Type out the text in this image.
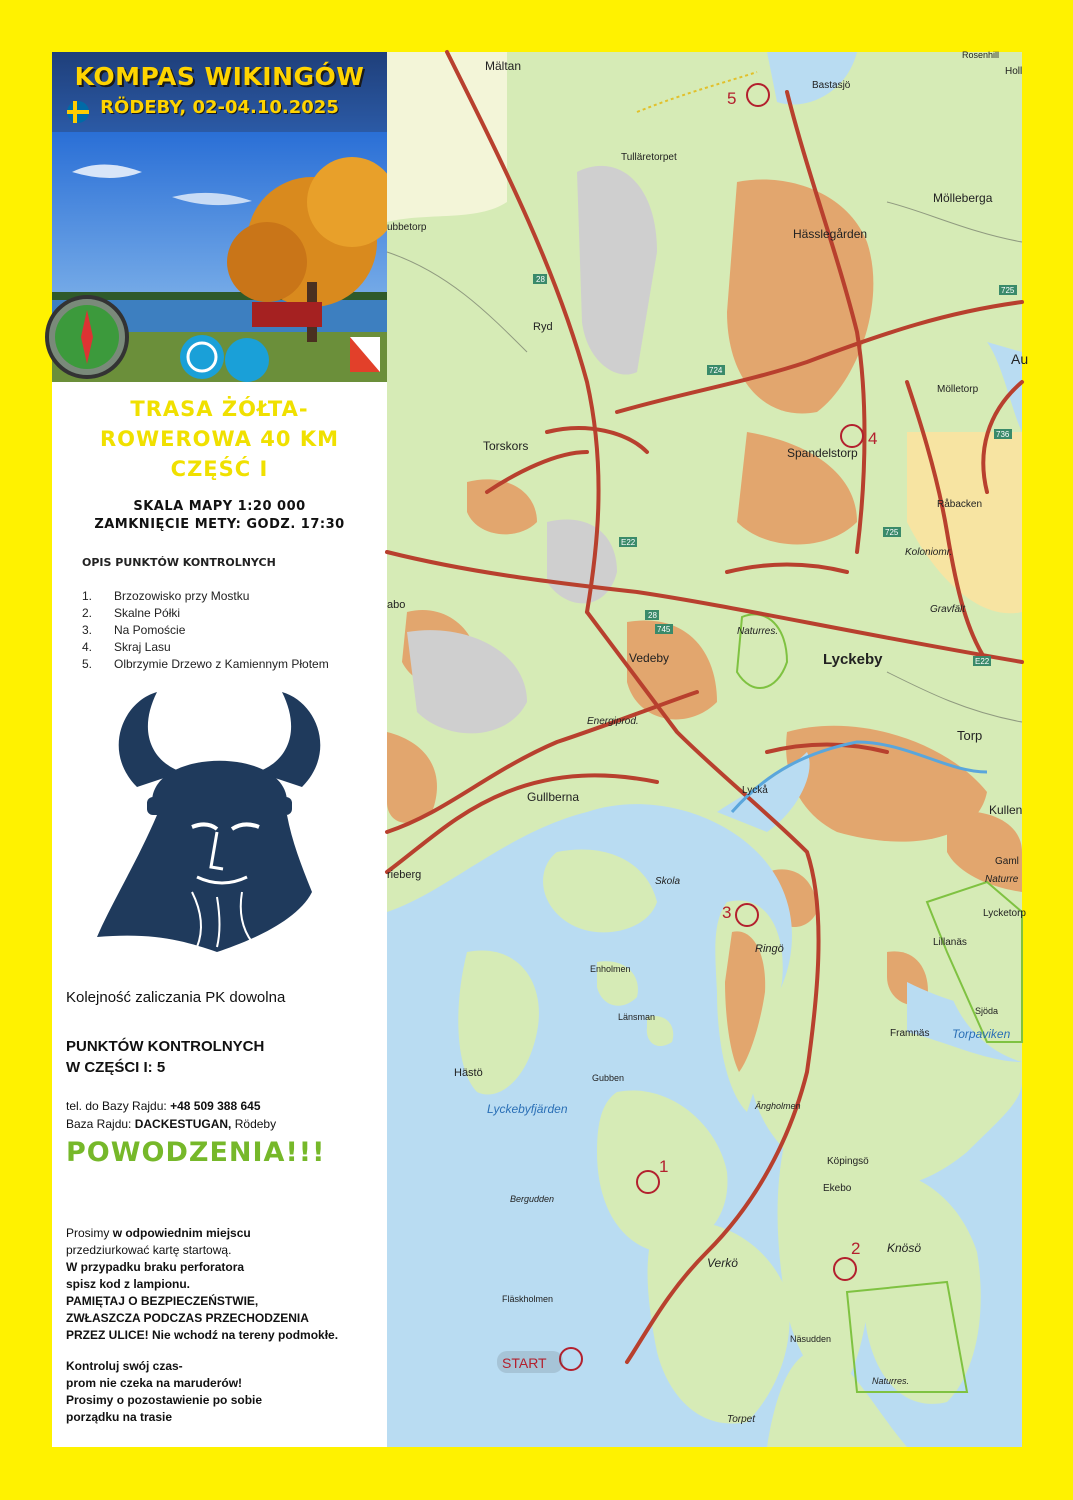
KOMPAS WIKINGÓW
RÖDEBY, 02-04.10.2025
TRASA ŻÓŁTA-
ROWEROWA 40 KM
CZĘŚĆ I
SKALA MAPY 1:20 000
ZAMKNIĘCIE METY: GODZ. 17:30
OPIS PUNKTÓW KONTROLNYCH
1. Brzozowisko przy Mostku
2. Skalne Półki
3. Na Pomoście
4. Skraj Lasu
5. Olbrzymie Drzewo z Kamiennym Płotem
Kolejność zaliczania PK dowolna
PUNKTÓW KONTROLNYCH
W CZĘŚCI I: 5
tel. do Bazy Rajdu: +48 509 388 645
Baza Rajdu: DACKESTUGAN, Rödeby
POWODZENIA!!!
Prosimy w odpowiednim miejscu
przedziurkować kartę startową.
W przypadku braku perforatora
spisz kod z lampionu.
PAMIĘTAJ O BEZPIECZEŃSTWIE,
ZWŁASZCZA PODCZAS PRZECHODZENIA
PRZEZ ULICE! Nie wchodź na tereny podmokłe.
Kontroluj swój czas-
prom nie czeka na maruderów!
Prosimy o pozostawienie po sobie
porządku na trasie
Mältan
Bastasjö
Rosenhill
Holl
Tulläretorpet
Mölleberga
Hässlegården
ubbetorp
Ryd
Torskors
Mölletorp
Spandelstorp
Råbacken
Koloniomr.
Gravfält
Naturres.
abo
Vedeby	Lyckeby
Energiprod.
Torp
Gullberna	Lyckå
Kullen
Gaml
Naturre
rieberg
Skola
Ringö
Lycketorp
Lillanäs
Enholmen
Länsman
Sjöda
Torpaviken
Framnäs
Hästö	Gubben
Lyckebyfjärden	Ängholmen
Köpingsö
Ekebo
Bergudden
Knösö
Verkö
Fläskholmen
Näsudden
Naturres.
Torpet
Au
28
724
736
725
E22
745
28
E22
725
1
2
3
4
5
START
